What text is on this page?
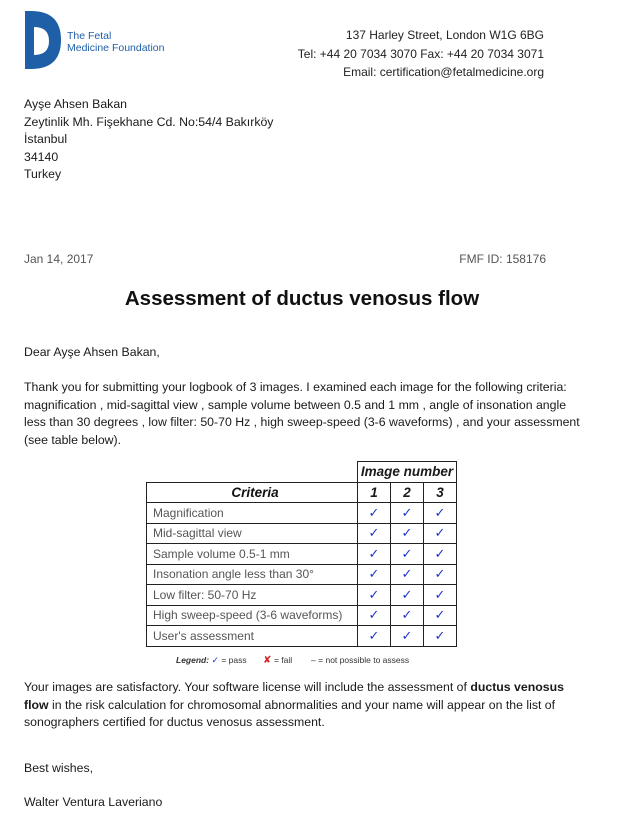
The Fetal
Medicine Foundation
137 Harley Street, London W1G 6BG
Tel: +44 20 7034 3070 Fax: +44 20 7034 3071
Email: certification@fetalmedicine.org
Ayşe Ahsen Bakan
Zeytinlik Mh. Fişekhane Cd. No:54/4 Bakırköy
İstanbul
34140
Turkey
Jan 14, 2017	FMF ID: 158176
Assessment of ductus venosus flow
Dear Ayşe Ahsen Bakan,
Thank you for submitting your logbook of 3 images. I examined each image for the following criteria: magnification , mid-sagittal view , sample volume between 0.5 and 1 mm , angle of insonation angle less than 30 degrees , low filter: 50-70 Hz , high sweep-speed (3-6 waveforms) , and your assessment (see table below).
	Image number		
Criteria	1	2	3
Magnification	✓	✓	✓
Mid-sagittal view	✓	✓	✓
Sample volume 0.5-1 mm	✓	✓	✓
Insonation angle less than 30°	✓	✓	✓
Low filter: 50-70 Hz	✓	✓	✓
High sweep-speed (3-6 waveforms)	✓	✓	✓
User's assessment	✓	✓	✓
Legend: ✓ = pass ✘ = fail – = not possible to assess
Your images are satisfactory. Your software license will include the assessment of ductus venosus flow in the risk calculation for chromosomal abnormalities and your name will appear on the list of sonographers certified for ductus venosus assessment.
Best wishes,
Walter Ventura Laveriano
